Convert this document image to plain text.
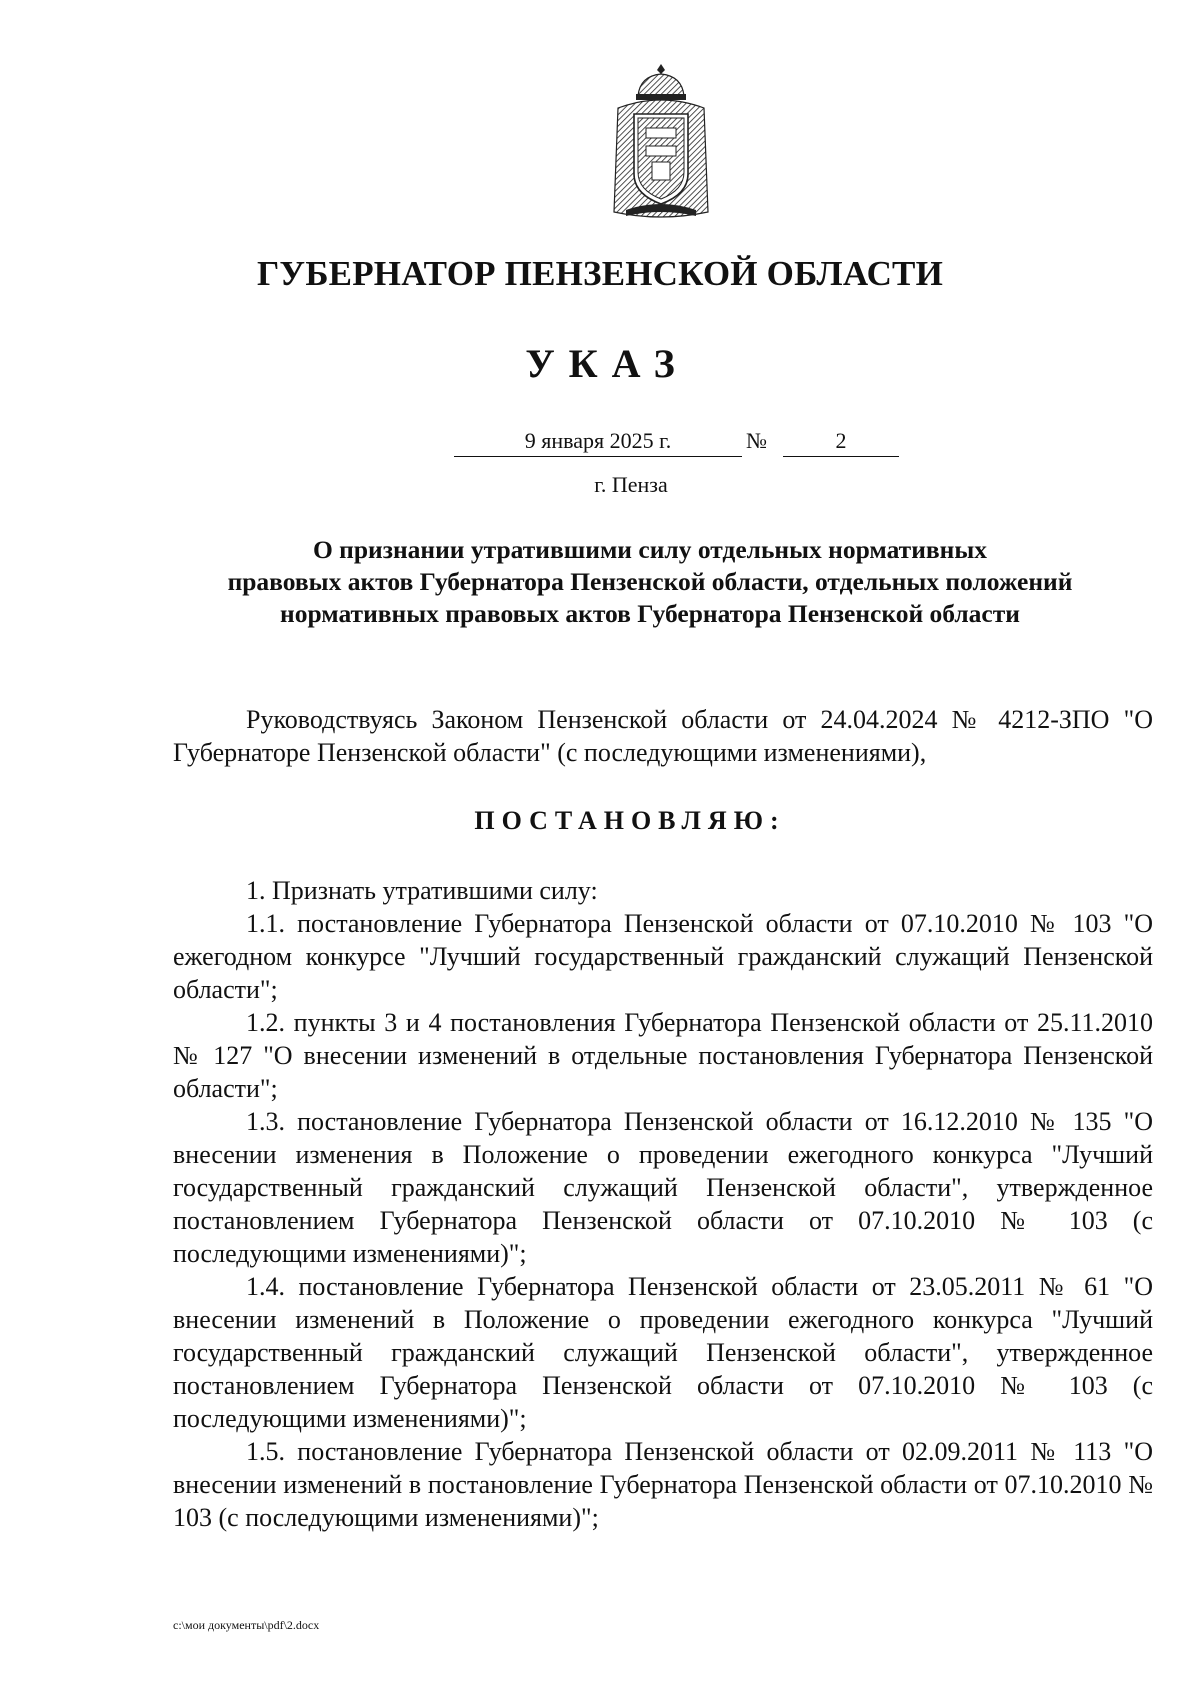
ГУБЕРНАТОР ПЕНЗЕНСКОЙ ОБЛАСТИ
УКАЗ
9 января 2025 г.	№	2
г. Пенза
О признании утратившими силу отдельных нормативных
правовых актов Губернатора Пензенской области, отдельных положений
нормативных правовых актов Губернатора Пензенской области

Руководствуясь Законом Пензенской области от 24.04.2024 № 4212-ЗПО "О Губернаторе Пензенской области" (с последующими изменениями),

ПОСТАНОВЛЯЮ:

1. Признать утратившими силу:

1.1. постановление Губернатора Пензенской области от 07.10.2010 № 103 "О ежегодном конкурсе "Лучший государственный гражданский служащий Пензенской области";

1.2. пункты 3 и 4 постановления Губернатора Пензенской области от 25.11.2010 № 127 "О внесении изменений в отдельные постановления Губернатора Пензенской области";

1.3. постановление Губернатора Пензенской области от 16.12.2010 № 135 "О внесении изменения в Положение о проведении ежегодного конкурса "Лучший государственный гражданский служащий Пензенской области", утвержденное постановлением Губернатора Пензенской области от 07.10.2010 № 103 (с последующими изменениями)";

1.4. постановление Губернатора Пензенской области от 23.05.2011 № 61 "О внесении изменений в Положение о проведении ежегодного конкурса "Лучший государственный гражданский служащий Пензенской области", утвержденное постановлением Губернатора Пензенской области от 07.10.2010 № 103 (с последующими изменениями)";

1.5. постановление Губернатора Пензенской области от 02.09.2011 № 113 "О внесении изменений в постановление Губернатора Пензенской области от 07.10.2010 № 103 (с последующими изменениями)";

c:\мои документы\pdf\2.docx
